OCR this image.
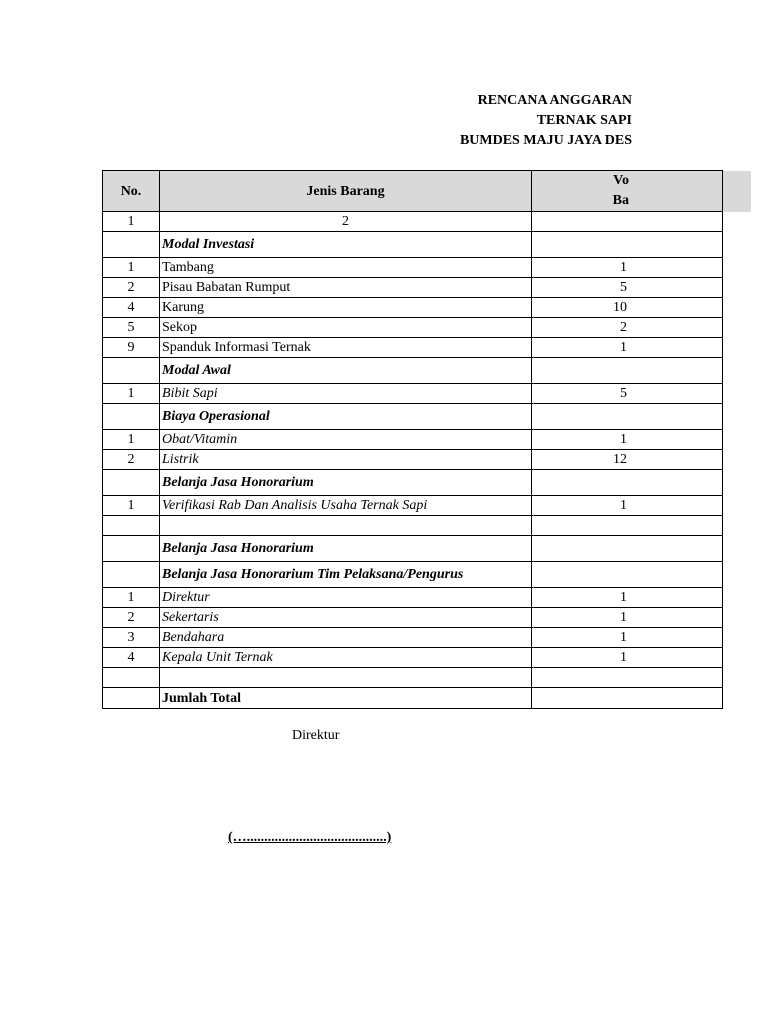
RENCANA ANGGARAN
TERNAK SAPI
BUMDES MAJU JAYA DES
No.	Jenis Barang	Vo
Ba

1	2	
	Modal Investasi	
1	Tambang	1
2	Pisau Babatan Rumput	5
4	Karung	10
5	Sekop	2
9	Spanduk Informasi Ternak	1
	Modal Awal	
1	Bibit Sapi	5
	Biaya Operasional	
1	Obat/Vitamin	1
2	Listrik	12
	Belanja Jasa Honorarium	
1	Verifikasi Rab Dan Analisis Usaha Ternak Sapi	1

	Belanja Jasa Honorarium	
	Belanja Jasa Honorarium Tim Pelaksana/Pengurus	
1	Direktur	1
2	Sekertaris	1
3	Bendahara	1
4	Kepala Unit Ternak	1

	Jumlah Total	
Direktur
(…........................................)
